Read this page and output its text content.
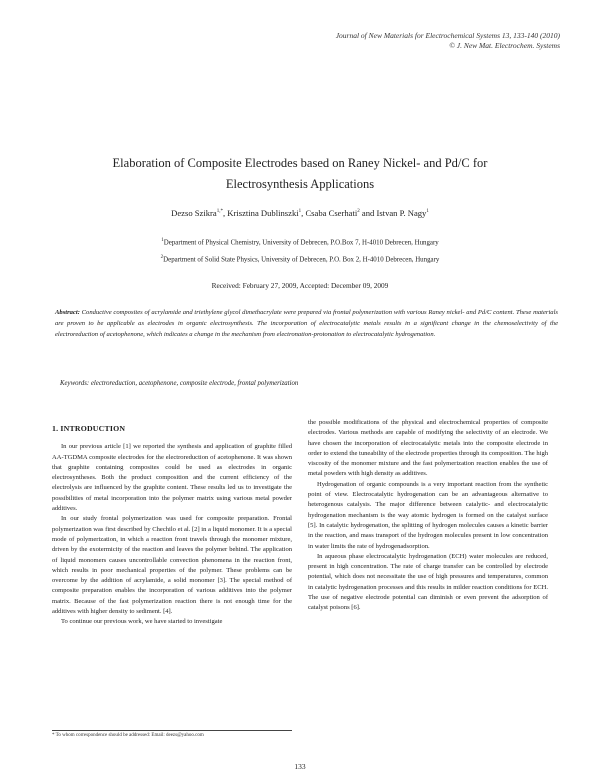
Journal of New Materials for Electrochemical Systems 13, 133-140 (2010)
© J. New Mat. Electrochem. Systems
Elaboration of Composite Electrodes based on Raney Nickel- and Pd/C for
Electrosynthesis Applications
Dezso Szikra$^{1,*}$, Krisztina Dublinszki$^1$, Csaba Cserhati$^2$ and Istvan P. Nagy$^1$
$^1$Department of Physical Chemistry, University of Debrecen, P.O.Box 7, H-4010 Debrecen, Hungary
$^2$Department of Solid State Physics, University of Debrecen, P.O. Box 2, H-4010 Debrecen, Hungary
Received: February 27, 2009, Accepted: December 09, 2009
Abstract: Conductive composites of acrylamide and triethylene glycol dimethacrylate were prepared via frontal polymerization with various Raney nickel- and Pd/C content. These materials are proven to be applicable as electrodes in organic electrosynthesis. The incorporation of electrocatalytic metals results in a significant change in the chemoselectivity of the electroreduction of acetophenone, which indicates a change in the mechanism from electronation-protonation to electrocatalytic hydrogenation.
Keywords: electroreduction, acetophenone, composite electrode, frontal polymerization
1. INTRODUCTION

In our previous article [1] we reported the synthesis and application of graphite filled AA-TGDMA composite electrodes for the electroreduction of acetophenone. It was shown that graphite containing composites could be used as electrodes in organic electrosyntheses. Both the product composition and the current efficiency of the electrolysis are influenced by the graphite content. These results led us to investigate the possibilities of metal incorporation into the polymer matrix using various metal powder additives.

In our study frontal polymerization was used for composite preparation. Frontal polymerization was first described by Chechilo et al. [2] in a liquid monomer. It is a special mode of polymerization, in which a reaction front travels through the monomer mixture, driven by the exotermicity of the reaction and leaves the polymer behind. The application of liquid monomers causes uncontrollable convection phenomena in the reaction front, which results in poor mechanical properties of the polymer. These problems can be overcome by the addition of acrylamide, a solid monomer [3]. The special method of composite preparation enables the incorporation of various additives into the polymer matrix. Because of the fast polymerization reaction there is not enough time for the additives with higher density to sediment. [4].

To continue our previous work, we have started to investigate

the possible modifications of the physical and electrochemical properties of composite electrodes. Various methods are capable of modifying the selectivity of an electrode. We have chosen the incorporation of electrocatalytic metals into the composite electrode in order to extend the tuneability of the electrode properties through its composition. The high viscosity of the monomer mixture and the fast polymerization reaction enables the use of metal powders with high density as additives.

Hydrogenation of organic compounds is a very important reaction from the synthetic point of view. Electrocatalytic hydrogenation can be an advantageous alternative to heterogenous catalysis. The major difference between catalytic- and electrocatalytic hydrogenation mechanism is the way atomic hydrogen is formed on the catalyst surface [5]. In catalytic hydrogenation, the splitting of hydrogen molecules causes a kinetic barrier in the reaction, and mass transport of the hydrogen molecules present in low concentration in water limits the rate of hydrogenadsorption.

In aqueous phase electrocatalytic hydrogenation (ECH) water molecules are reduced, present in high concentration. The rate of charge transfer can be controlled by electrode potential, which does not necessitate the use of high pressures and temperatures, common in catalytic hydrogenation processes and this results in milder reaction conditions for ECH. The use of negative electrode potential can diminish or even prevent the adsorption of catalyst poisons [6].

* To whom correspondence should be addressed: Email: deezs@yahoo.com
133
